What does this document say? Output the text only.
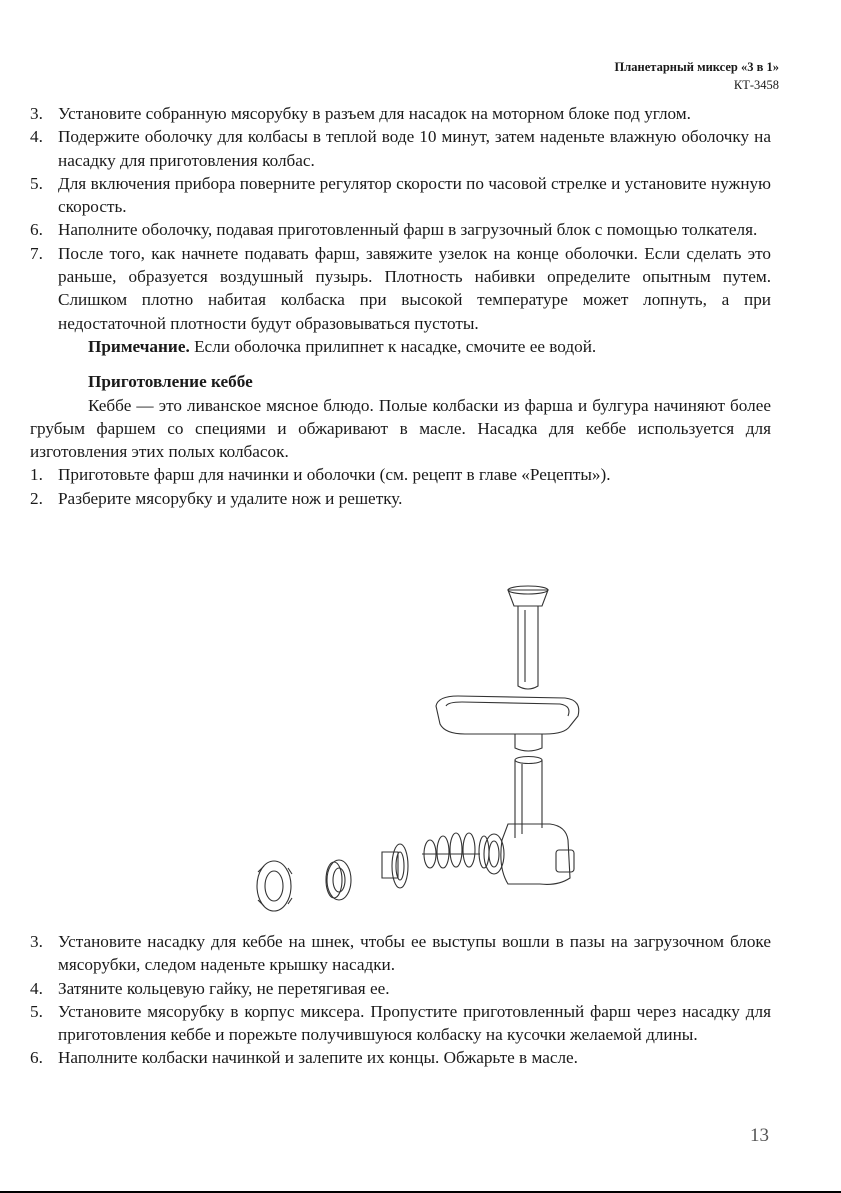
Планетарный миксер «3 в 1»
КТ-3458
3. Установите собранную мясорубку в разъем для насадок на моторном блоке под углом.
4. Подержите оболочку для колбасы в теплой воде 10 минут, затем наденьте влажную оболочку на насадку для приготовления колбас.
5. Для включения прибора поверните регулятор скорости по часовой стрелке и установите нужную скорость.
6. Наполните оболочку, подавая приготовленный фарш в загрузочный блок с помощью толкателя.
7. После того, как начнете подавать фарш, завяжите узелок на конце оболочки. Если сделать это раньше, образуется воздушный пузырь. Плотность набивки определите опытным путем. Слишком плотно набитая колбаска при высокой температуре может лопнуть, а при недостаточной плотности будут образовываться пустоты.
Примечание. Если оболочка прилипнет к насадке, смочите ее водой.
Приготовление кеббе
Кеббе — это ливанское мясное блюдо. Полые колбаски из фарша и булгура начиняют более грубым фаршем со специями и обжаривают в масле. Насадка для кеббе используется для изготовления этих полых колбасок.
1. Приготовьте фарш для начинки и оболочки (см. рецепт в главе «Рецепты»).
2. Разберите мясорубку и удалите нож и решетку.
3. Установите насадку для кеббе на шнек, чтобы ее выступы вошли в пазы на загрузочном блоке мясорубки, следом наденьте крышку насадки.
4. Затяните кольцевую гайку, не перетягивая ее.
5. Установите мясорубку в корпус миксера. Пропустите приготовленный фарш через насадку для приготовления кеббе и порежьте получившуюся колбаску на кусочки желаемой длины.
6. Наполните колбаски начинкой и залепите их концы. Обжарьте в масле.
13
